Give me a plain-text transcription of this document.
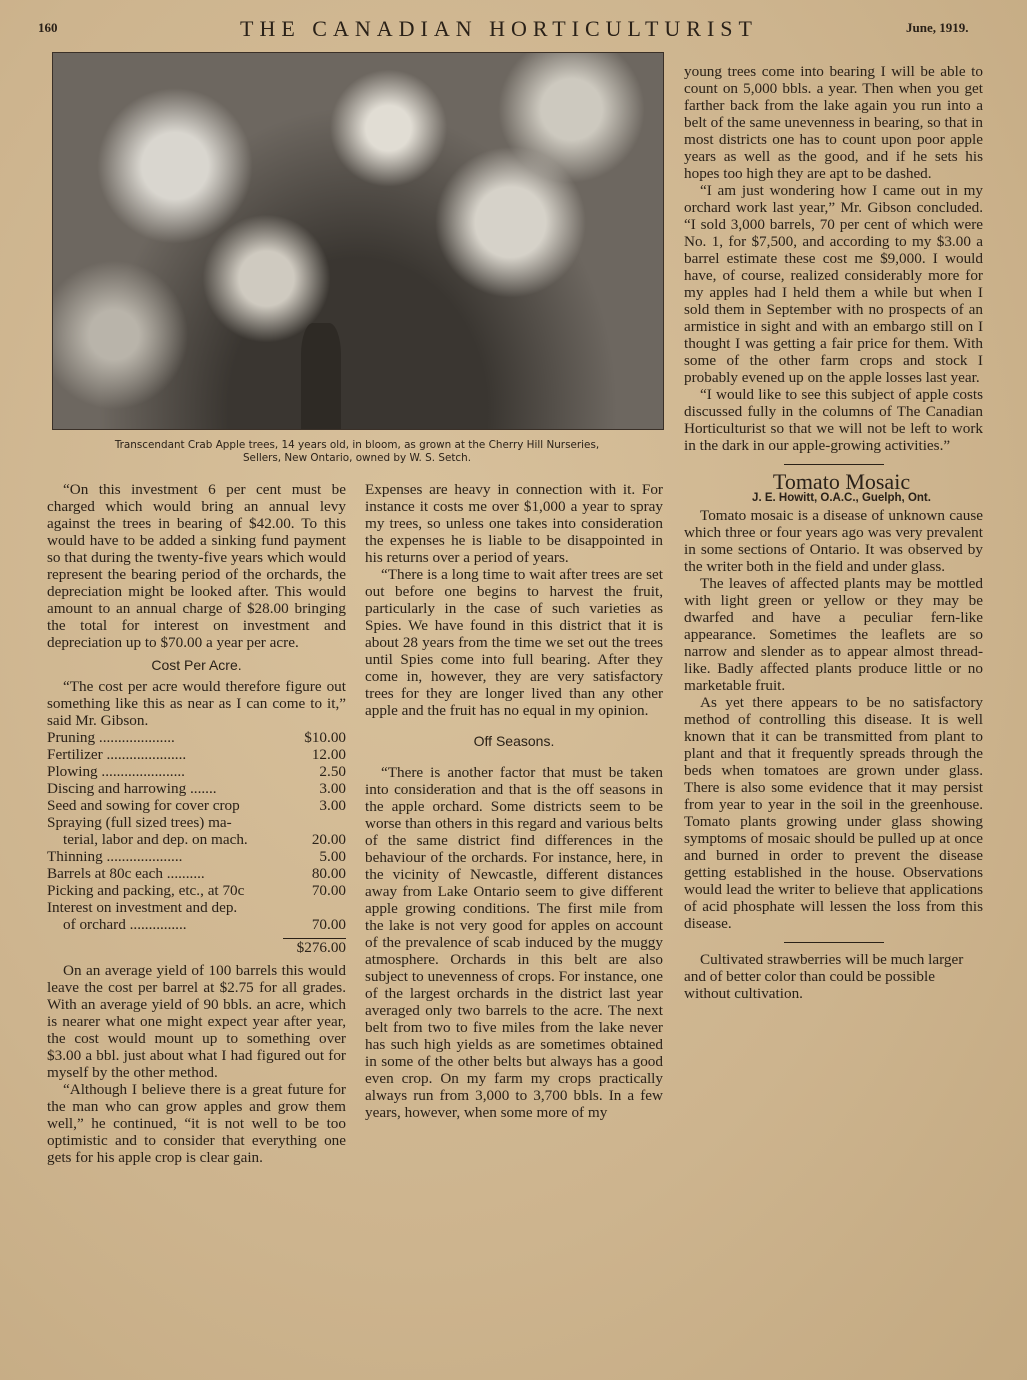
160	THE CANADIAN HORTICULTURIST	June, 1919.
Transcendant Crab Apple trees, 14 years old, in bloom, as grown at the Cherry Hill Nurseries,
Sellers, New Ontario, owned by W. S. Setch.

“On this investment 6 per cent must be charged which would bring an annual levy against the trees in bearing of $42.00. To this would have to be added a sinking fund payment so that during the twenty-five years which would represent the bearing period of the orchards, the depreciation might be looked after. This would amount to an annual charge of $28.00 bringing the total for interest on investment and depreciation up to $70.00 a year per acre.

Cost Per Acre.

“The cost per acre would therefore figure out something like this as near as I can come to it,” said Mr. Gibson.

Pruning ....................	$10.00
Fertilizer .....................	12.00
Plowing ......................	2.50
Discing and harrowing .......	3.00
Seed and sowing for cover crop	3.00
Spraying (full sized trees) ma-
terial, labor and dep. on mach.	20.00
Thinning ....................	5.00
Barrels at 80c each ..........	80.00
Picking and packing, etc., at 70c	70.00
Interest on investment and dep.
of orchard ...............	70.00
$276.00

On an average yield of 100 barrels this would leave the cost per barrel at $2.75 for all grades. With an average yield of 90 bbls. an acre, which is nearer what one might expect year after year, the cost would mount up to something over $3.00 a bbl. just about what I had figured out for myself by the other method.

“Although I believe there is a great future for the man who can grow apples and grow them well,” he continued, “it is not well to be too optimistic and to consider that everything one gets for his apple crop is clear gain.

Expenses are heavy in connection with it. For instance it costs me over $1,000 a year to spray my trees, so unless one takes into consideration the expenses he is liable to be disappointed in his returns over a period of years.

“There is a long time to wait after trees are set out before one begins to harvest the fruit, particularly in the case of such varieties as Spies. We have found in this district that it is about 28 years from the time we set out the trees until Spies come into full bearing. After they come in, however, they are very satisfactory trees for they are longer lived than any other apple and the fruit has no equal in my opinion.

Off Seasons.

“There is another factor that must be taken into consideration and that is the off seasons in the apple orchard. Some districts seem to be worse than others in this regard and various belts of the same district find differences in the behaviour of the orchards. For instance, here, in the vicinity of Newcastle, different distances away from Lake Ontario seem to give different apple growing conditions. The first mile from the lake is not very good for apples on account of the prevalence of scab induced by the muggy atmosphere. Orchards in this belt are also subject to unevenness of crops. For instance, one of the largest orchards in the district last year averaged only two barrels to the acre. The next belt from two to five miles from the lake never has such high yields as are sometimes obtained in some of the other belts but always has a good even crop. On my farm my crops practically always run from 3,000 to 3,700 bbls. In a few years, however, when some more of my

young trees come into bearing I will be able to count on 5,000 bbls. a year. Then when you get farther back from the lake again you run into a belt of the same unevenness in bearing, so that in most districts one has to count upon poor apple years as well as the good, and if he sets his hopes too high they are apt to be dashed.

“I am just wondering how I came out in my orchard work last year,” Mr. Gibson concluded. “I sold 3,000 barrels, 70 per cent of which were No. 1, for $7,500, and according to my $3.00 a barrel estimate these cost me $9,000. I would have, of course, realized considerably more for my apples had I held them a while but when I sold them in September with no prospects of an armistice in sight and with an embargo still on I thought I was getting a fair price for them. With some of the other farm crops and stock I probably evened up on the apple losses last year.

“I would like to see this subject of apple costs discussed fully in the columns of The Canadian Horticulturist so that we will not be left to work in the dark in our apple-growing activities.”

Tomato Mosaic

J. E. Howitt, O.A.C., Guelph, Ont.

Tomato mosaic is a disease of unknown cause which three or four years ago was very prevalent in some sections of Ontario. It was observed by the writer both in the field and under glass.

The leaves of affected plants may be mottled with light green or yellow or they may be dwarfed and have a peculiar fern-like appearance. Sometimes the leaflets are so narrow and slender as to appear almost thread-like. Badly affected plants produce little or no marketable fruit.

As yet there appears to be no satisfactory method of controlling this disease. It is well known that it can be transmitted from plant to plant and that it frequently spreads through the beds when tomatoes are grown under glass. There is also some evidence that it may persist from year to year in the soil in the greenhouse. Tomato plants growing under glass showing symptoms of mosaic should be pulled up at once and burned in order to prevent the disease getting established in the house. Observations would lead the writer to believe that applications of acid phosphate will lessen the loss from this disease.

Cultivated strawberries will be much larger and of better color than could be possible without cultivation.
